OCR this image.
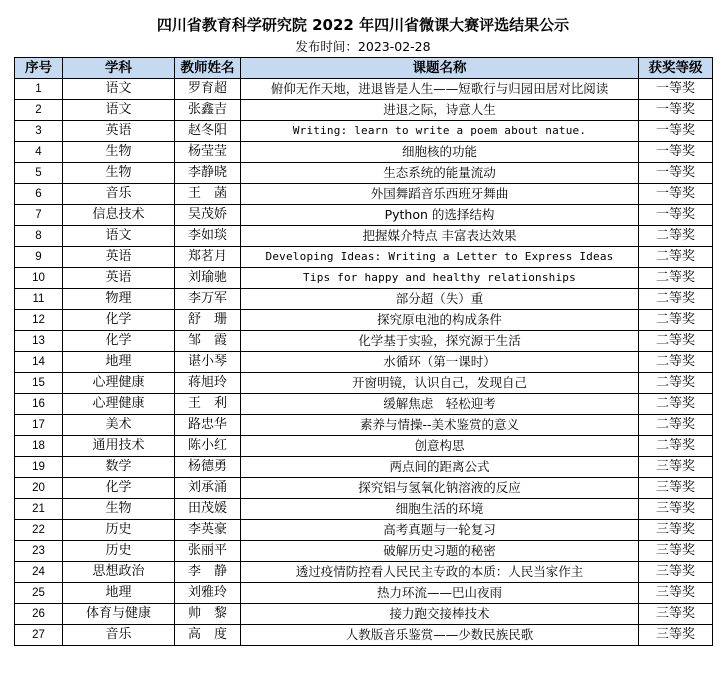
四川省教育科学研究院 2022 年四川省微课大赛评选结果公示
发布时间：2023-02-28
序号	学科	教师姓名	课题名称	获奖等级
1	语文	罗育超	俯仰无作天地，进退皆是人生——短歌行与归园田居对比阅读	一等奖
2	语文	张鑫吉	进退之际，诗意人生	一等奖
3	英语	赵冬阳	Writing: learn to write a poem about natue.	一等奖
4	生物	杨莹莹	细胞核的功能	一等奖
5	生物	李静晓	生态系统的能量流动	一等奖
6	音乐	王　菡	外国舞蹈音乐西班牙舞曲	一等奖
7	信息技术	吴茂娇	Python 的选择结构	一等奖
8	语文	李如琰	把握媒介特点 丰富表达效果	二等奖
9	英语	郑茗月	Developing Ideas: Writing a Letter to Express Ideas	二等奖
10	英语	刘瑜驰	Tips for happy and healthy relationships	二等奖
11	物理	李万军	部分超（失）重	二等奖
12	化学	舒　珊	探究原电池的构成条件	二等奖
13	化学	邹　霞	化学基于实验，探究源于生活	二等奖
14	地理	谌小琴	水循环（第一课时）	二等奖
15	心理健康	蒋旭玲	开窗明镜，认识自己，发现自己	二等奖
16	心理健康	王　利	缓解焦虑　轻松迎考	二等奖
17	美术	路忠华	素养与情操--美术鉴赏的意义	二等奖
18	通用技术	陈小红	创意构思	二等奖
19	数学	杨德勇	两点间的距离公式	三等奖
20	化学	刘承涌	探究铝与氢氧化钠溶液的反应	三等奖
21	生物	田茂媛	细胞生活的环境	三等奖
22	历史	李英豪	高考真题与一轮复习	三等奖
23	历史	张丽平	破解历史习题的秘密	三等奖
24	思想政治	李　静	透过疫情防控看人民民主专政的本质：人民当家作主	三等奖
25	地理	刘雅玲	热力环流——巴山夜雨	三等奖
26	体育与健康	帅　黎	接力跑交接棒技术	三等奖
27	音乐	高　度	人教版音乐鉴赏——少数民族民歌	三等奖
